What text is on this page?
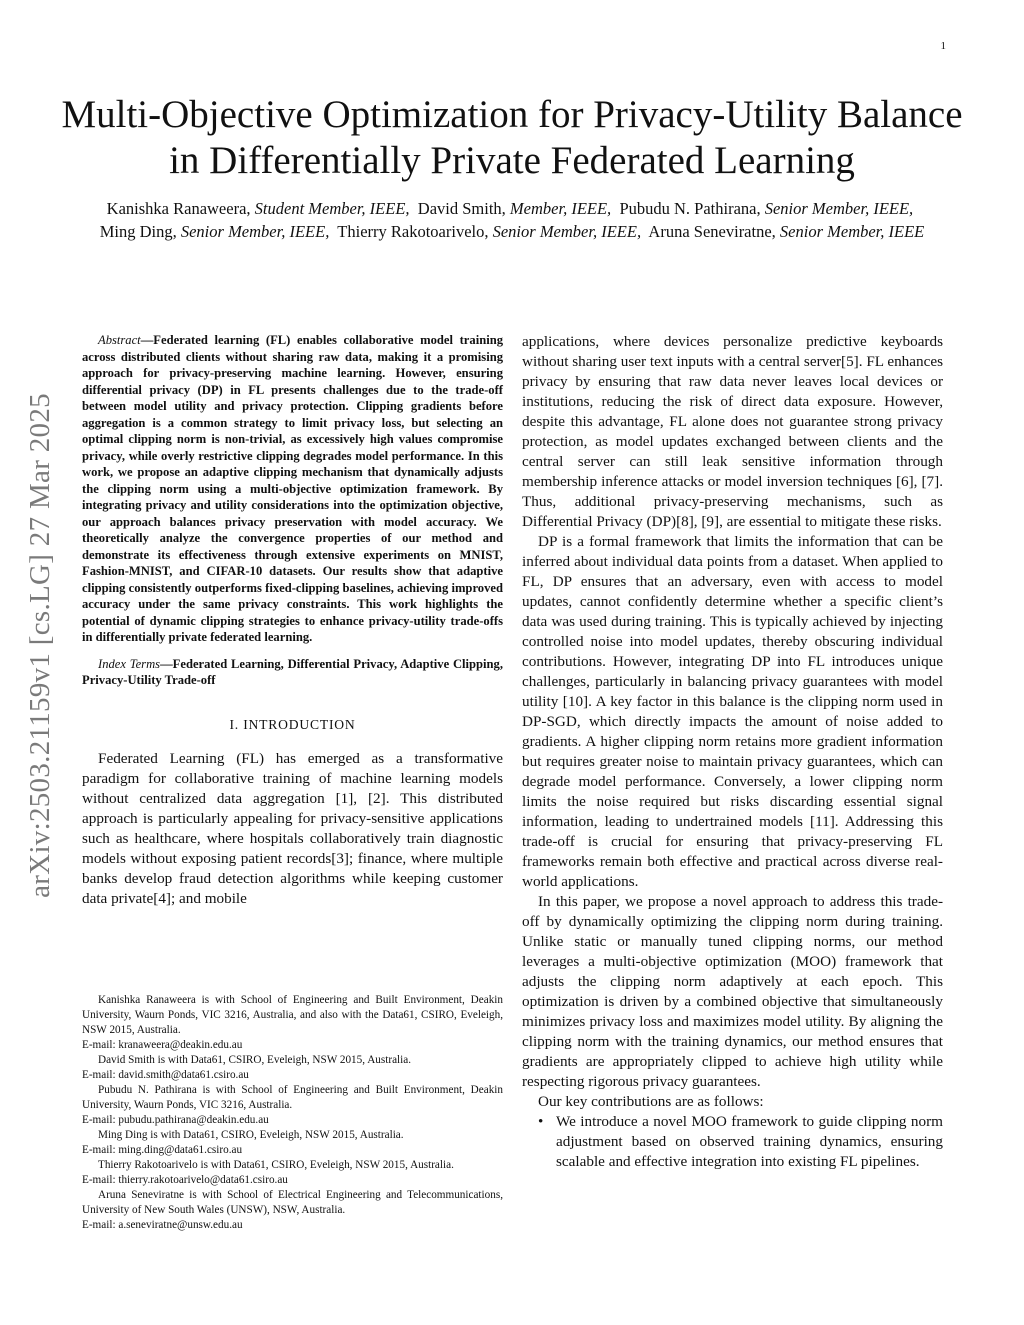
1
arXiv:2503.21159v1 [cs.LG] 27 Mar 2025
Multi-Objective Optimization for Privacy-Utility Balance in Differentially Private Federated Learning
Kanishka Ranaweera, Student Member, IEEE, David Smith, Member, IEEE, Pubudu N. Pathirana, Senior Member, IEEE,  Ming Ding, Senior Member, IEEE, Thierry Rakotoarivelo, Senior Member, IEEE, Aruna Seneviratne, Senior Member, IEEE

Abstract—Federated learning (FL) enables collaborative model training across distributed clients without sharing raw data, making it a promising approach for privacy-preserving machine learning. However, ensuring differential privacy (DP) in FL presents challenges due to the trade-off between model utility and privacy protection. Clipping gradients before aggregation is a common strategy to limit privacy loss, but selecting an optimal clipping norm is non-trivial, as excessively high values compromise privacy, while overly restrictive clipping degrades model performance. In this work, we propose an adaptive clipping mechanism that dynamically adjusts the clipping norm using a multi-objective optimization framework. By integrating privacy and utility considerations into the optimization objective, our approach balances privacy preservation with model accuracy. We theoretically analyze the convergence properties of our method and demonstrate its effectiveness through extensive experiments on MNIST, Fashion-MNIST, and CIFAR-10 datasets. Our results show that adaptive clipping consistently outperforms fixed-clipping baselines, achieving improved accuracy under the same privacy constraints. This work highlights the potential of dynamic clipping strategies to enhance privacy-utility trade-offs in differentially private federated learning.

Index Terms—Federated Learning, Differential Privacy, Adaptive Clipping, Privacy-Utility Trade-off

I. INTRODUCTION

Federated Learning (FL) has emerged as a transformative paradigm for collaborative training of machine learning models without centralized data aggregation [1], [2]. This distributed approach is particularly appealing for privacy-sensitive applications such as healthcare, where hospitals collaboratively train diagnostic models without exposing patient records[3]; finance, where multiple banks develop fraud detection algorithms while keeping customer data private[4]; and mobile

Kanishka Ranaweera is with School of Engineering and Built Environment, Deakin University, Waurn Ponds, VIC 3216, Australia, and also with the Data61, CSIRO, Eveleigh, NSW 2015, Australia.

E-mail: kranaweera@deakin.edu.au

David Smith is with Data61, CSIRO, Eveleigh, NSW 2015, Australia.

E-mail: david.smith@data61.csiro.au

Pubudu N. Pathirana is with School of Engineering and Built Environment, Deakin University, Waurn Ponds, VIC 3216, Australia.

E-mail: pubudu.pathirana@deakin.edu.au

Ming Ding is with Data61, CSIRO, Eveleigh, NSW 2015, Australia.

E-mail: ming.ding@data61.csiro.au

Thierry Rakotoarivelo is with Data61, CSIRO, Eveleigh, NSW 2015, Australia.

E-mail: thierry.rakotoarivelo@data61.csiro.au

Aruna Seneviratne is with School of Electrical Engineering and Telecommunications, University of New South Wales (UNSW), NSW, Australia.

E-mail: a.seneviratne@unsw.edu.au

applications, where devices personalize predictive keyboards without sharing user text inputs with a central server[5]. FL enhances privacy by ensuring that raw data never leaves local devices or institutions, reducing the risk of direct data exposure. However, despite this advantage, FL alone does not guarantee strong privacy protection, as model updates exchanged between clients and the central server can still leak sensitive information through membership inference attacks or model inversion techniques [6], [7]. Thus, additional privacy-preserving mechanisms, such as Differential Privacy (DP)[8], [9], are essential to mitigate these risks.

DP is a formal framework that limits the information that can be inferred about individual data points from a dataset. When applied to FL, DP ensures that an adversary, even with access to model updates, cannot confidently determine whether a specific client’s data was used during training. This is typically achieved by injecting controlled noise into model updates, thereby obscuring individual contributions. However, integrating DP into FL introduces unique challenges, particularly in balancing privacy guarantees with model utility [10]. A key factor in this balance is the clipping norm used in DP-SGD, which directly impacts the amount of noise added to gradients. A higher clipping norm retains more gradient information but requires greater noise to maintain privacy guarantees, which can degrade model performance. Conversely, a lower clipping norm limits the noise required but risks discarding essential signal information, leading to undertrained models [11]. Addressing this trade-off is crucial for ensuring that privacy-preserving FL frameworks remain both effective and practical across diverse real-world applications.

In this paper, we propose a novel approach to address this trade-off by dynamically optimizing the clipping norm during training. Unlike static or manually tuned clipping norms, our method leverages a multi-objective optimization (MOO) framework that adjusts the clipping norm adaptively at each epoch. This optimization is driven by a combined objective that simultaneously minimizes privacy loss and maximizes model utility. By aligning the clipping norm with the training dynamics, our method ensures that gradients are appropriately clipped to achieve high utility while respecting rigorous privacy guarantees.

Our key contributions are as follows:

• We introduce a novel MOO framework to guide clipping norm adjustment based on observed training dynamics, ensuring scalable and effective integration into existing FL pipelines.
